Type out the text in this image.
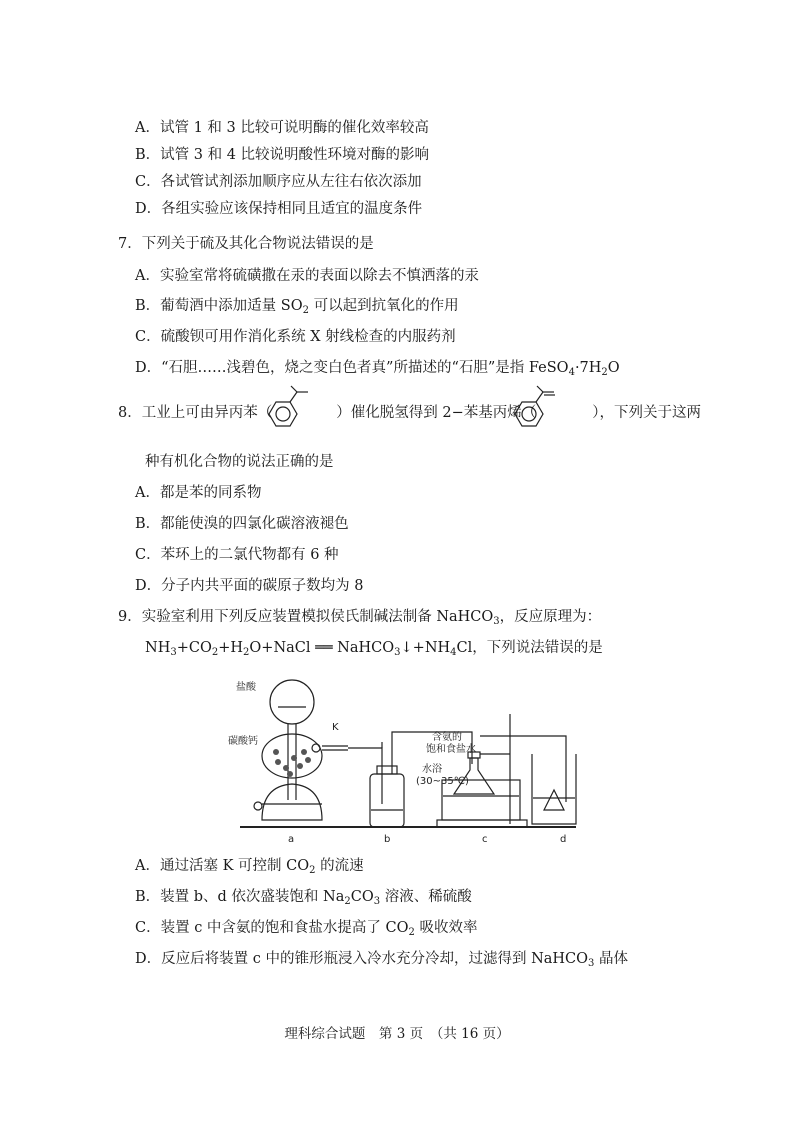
A．试管 1 和 3 比较可说明酶的催化效率较高
B．试管 3 和 4 比较说明酸性环境对酶的影响
C．各试管试剂添加顺序应从左往右依次添加
D．各组实验应该保持相同且适宜的温度条件
7．下列关于硫及其化合物说法错误的是
A．实验室常将硫磺撒在汞的表面以除去不慎洒落的汞
B．葡萄酒中添加适量 $SO_2$ 可以起到抗氧化的作用
C．硫酸钡可用作消化系统 X 射线检查的内服药剂
D．“石胆……浅碧色，烧之变白色者真”所描述的“石胆”是指 $FeSO_4\cdot 7H_2O$
8．工业上可由异丙苯（	）催化脱氢得到 2−苯基丙烯（	），下列关于这两
种有机化合物的说法正确的是
A．都是苯的同系物
B．都能使溴的四氯化碳溶液褪色
C．苯环上的二氯代物都有 6 种
D．分子内共平面的碳原子数均为 8
9．实验室利用下列反应装置模拟侯氏制碱法制备 NaHCO$_3$，反应原理为：
$NH_3+CO_2+H_2O+NaCl$ ══ $NaHCO_3↓+NH_4Cl$，下列说法错误的是
盐酸
K
碳酸钙	含氨的
饱和食盐水
水浴
(30~35℃)
a	b	c	d
A．通过活塞 K 可控制 $CO_2$ 的流速
B．装置 b、d 依次盛装饱和 $Na_2CO_3$ 溶液、稀硫酸
C．装置 c 中含氨的饱和食盐水提高了 $CO_2$ 吸收效率
D．反应后将装置 c 中的锥形瓶浸入冷水充分冷却，过滤得到 NaHCO$_3$ 晶体
理科综合试题　第 3 页　（共 16 页）
